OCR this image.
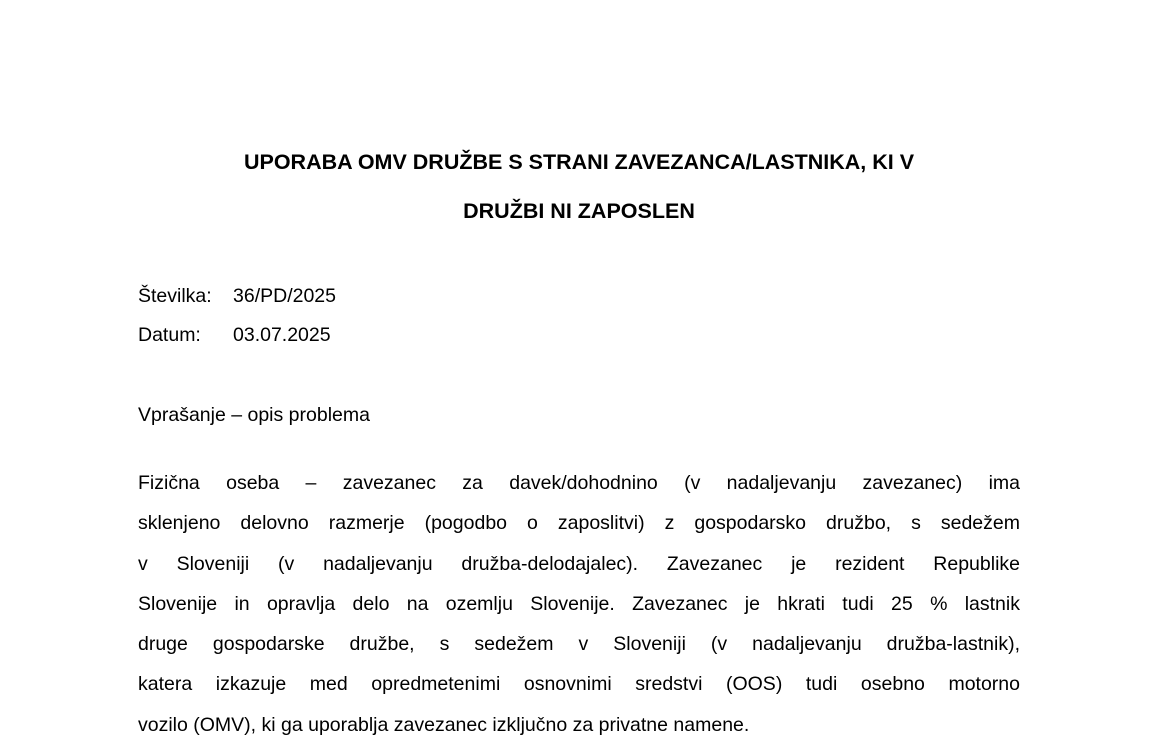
UPORABA OMV DRUŽBE S STRANI ZAVEZANCA/LASTNIKA, KI V
DRUŽBI NI ZAPOSLEN
Številka: 36/PD/2025
Datum: 03.07.2025
Vprašanje – opis problema
Fizična oseba – zavezanec za davek/dohodnino (v nadaljevanju zavezanec) ima
sklenjeno delovno razmerje (pogodbo o zaposlitvi) z gospodarsko družbo, s sedežem
v Sloveniji (v nadaljevanju družba-delodajalec). Zavezanec je rezident Republike
Slovenije in opravlja delo na ozemlju Slovenije. Zavezanec je hkrati tudi 25 % lastnik
druge gospodarske družbe, s sedežem v Sloveniji (v nadaljevanju družba-lastnik),
katera izkazuje med opredmetenimi osnovnimi sredstvi (OOS) tudi osebno motorno
vozilo (OMV), ki ga uporablja zavezanec izključno za privatne namene.
